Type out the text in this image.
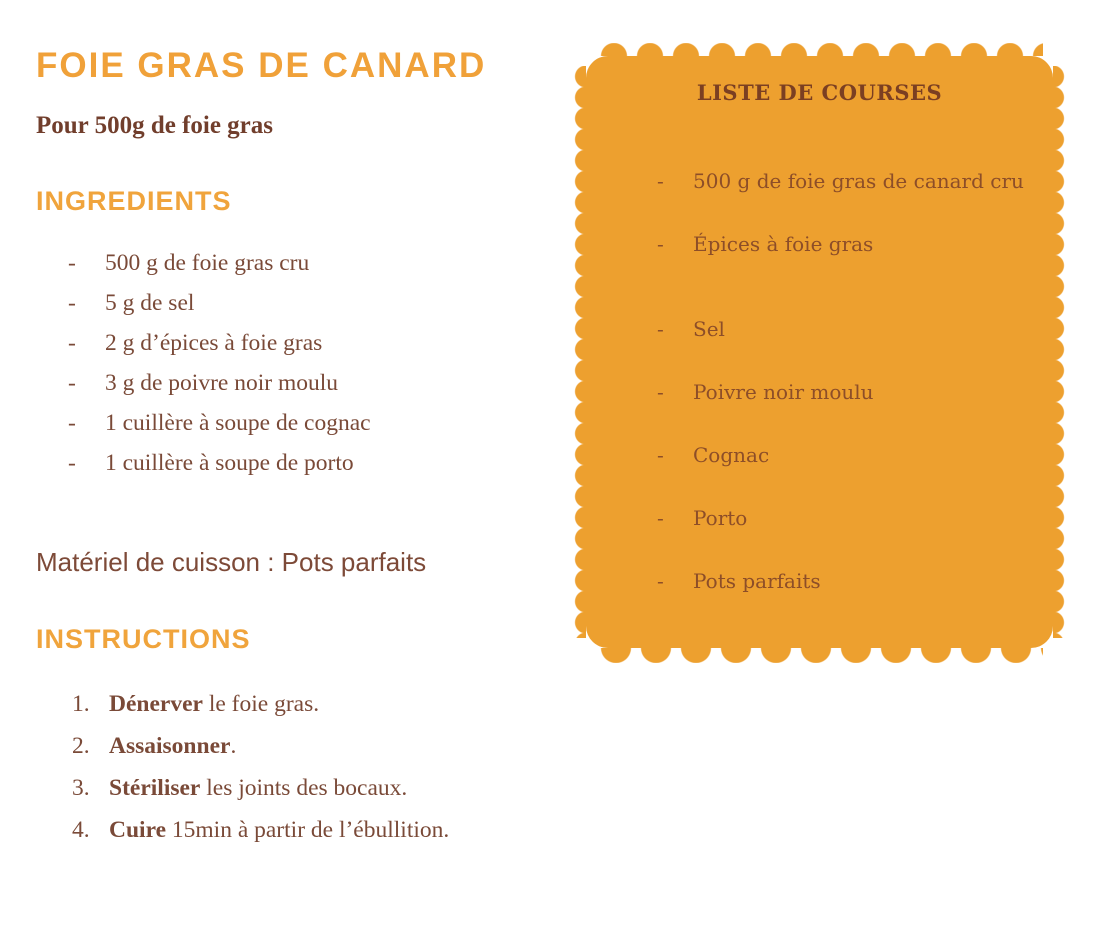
FOIE GRAS DE CANARD

Pour 500g de foie gras

INGREDIENTS
-	500 g de foie gras cru
-	5 g de sel
-	2 g d’épices à foie gras
-	3 g de poivre noir moulu
-	1 cuillère à soupe de cognac
-	1 cuillère à soupe de porto

Matériel de cuisson : Pots parfaits

INSTRUCTIONS
1. Dénerver le foie gras.
2. Assaisonner.
3. Stériliser les joints des bocaux.
4. Cuire 15min à partir de l’ébullition.
LISTE DE COURSES
-	500 g de foie gras de canard cru
-	Épices à foie gras
-	Sel
-	Poivre noir moulu
-	Cognac
-	Porto
-	Pots parfaits
